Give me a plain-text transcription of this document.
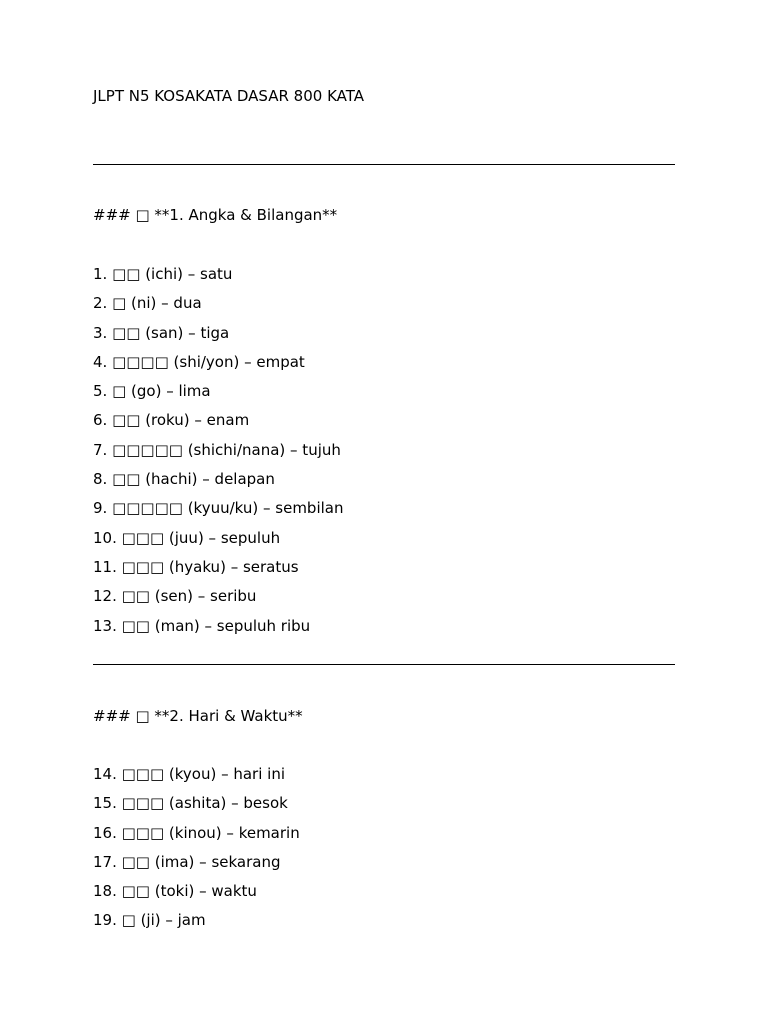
JLPT N5 KOSAKATA DASAR 800 KATA
### □ **1. Angka & Bilangan**
1. □□ (ichi) – satu
2. □ (ni) – dua
3. □□ (san) – tiga
4. □□□□ (shi/yon) – empat
5. □ (go) – lima
6. □□ (roku) – enam
7. □□□□□ (shichi/nana) – tujuh
8. □□ (hachi) – delapan
9. □□□□□ (kyuu/ku) – sembilan
10. □□□ (juu) – sepuluh
11. □□□ (hyaku) – seratus
12. □□ (sen) – seribu
13. □□ (man) – sepuluh ribu
### □ **2. Hari & Waktu**
14. □□□ (kyou) – hari ini
15. □□□ (ashita) – besok
16. □□□ (kinou) – kemarin
17. □□ (ima) – sekarang
18. □□ (toki) – waktu
19. □ (ji) – jam
